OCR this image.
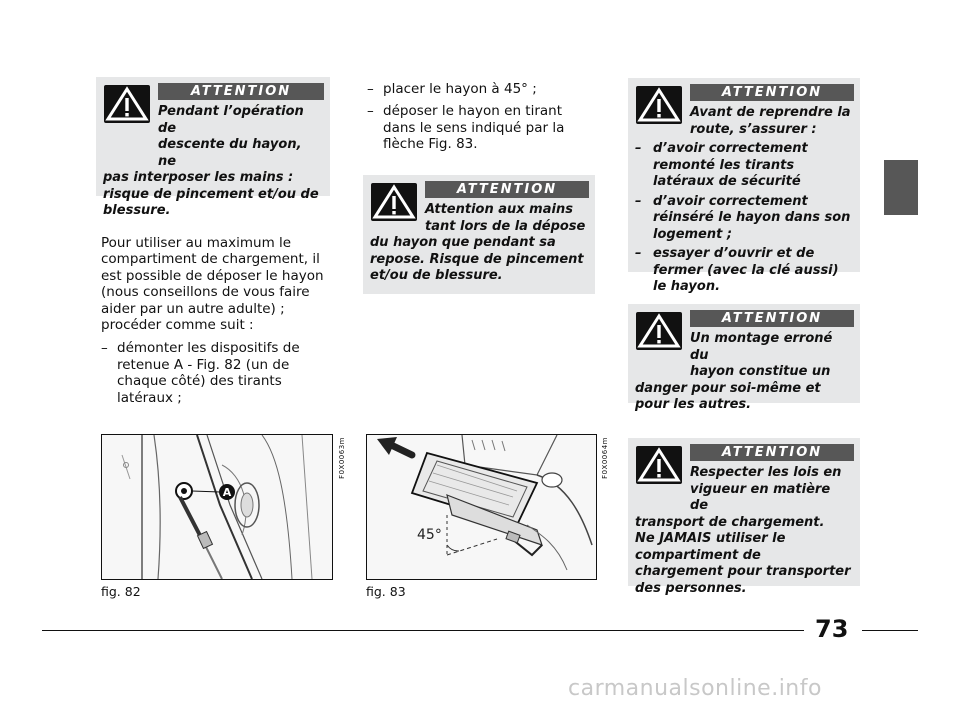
ATTENTION
Pendant l’opération de
descente du hayon, ne

pas interposer les mains : risque de pincement et/ou de blessure.

Pour utiliser au maximum le compartiment de chargement, il est possible de déposer le hayon (nous conseillons de vous faire aider par un autre adulte) ; procéder comme suit :

– démonter les dispositifs de retenue A - Fig. 82 (un de chaque côté) des tirants latéraux ;
– placer le hayon à 45° ;
– déposer le hayon en tirant dans le sens indiqué par la flèche Fig. 83.
ATTENTION
Attention aux mains
tant lors de la dépose

du hayon que pendant sa repose. Risque de pincement et/ou de blessure.

ATTENTION
Avant de reprendre la
route, s’assurer :
– d’avoir correctement remonté les tirants latéraux de sécurité
– d’avoir correctement réinséré le hayon dans son logement ;
– essayer d’ouvrir et de fermer (avec la clé aussi) le hayon.
ATTENTION
Un montage erroné du
hayon constitue un

danger pour soi-même et pour les autres.

ATTENTION
Respecter les lois en
vigueur en matière de

transport de chargement.

Ne JAMAIS utiliser le compartiment de chargement pour transporter des personnes.

A
F0X0063m
fig. 82
45°
F0X0064m
fig. 83
73
carmanualsonline.info
